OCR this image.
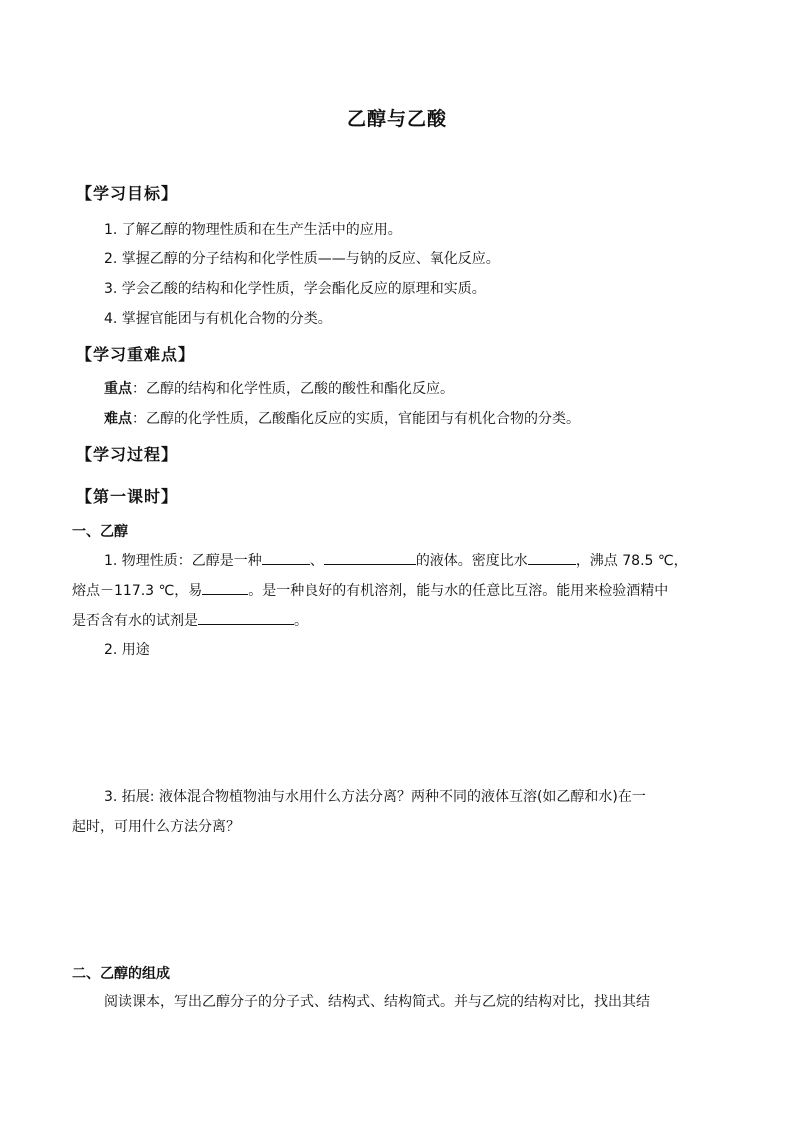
乙醇与乙酸
【学习目标】
1. 了解乙醇的物理性质和在生产生活中的应用。
2. 掌握乙醇的分子结构和化学性质——与钠的反应、氧化反应。
3. 学会乙酸的结构和化学性质，学会酯化反应的原理和实质。
4. 掌握官能团与有机化合物的分类。
【学习重难点】
重点：乙醇的结构和化学性质，乙酸的酸性和酯化反应。
难点：乙醇的化学性质，乙酸酯化反应的实质，官能团与有机化合物的分类。
【学习过程】
【第一课时】
一、乙醇
1. 物理性质：乙醇是一种	、	的液体。密度比水	，沸点 78.5 ℃，
熔点－117.3 ℃，易	。是一种良好的有机溶剂，能与水的任意比互溶。能用来检验酒精中
是否含有水的试剂是	。
2. 用途
3. 拓展: 液体混合物植物油与水用什么方法分离？两种不同的液体互溶(如乙醇和水)在一
起时，可用什么方法分离？
二、乙醇的组成
阅读课本，写出乙醇分子的分子式、结构式、结构简式。并与乙烷的结构对比，找出其结
